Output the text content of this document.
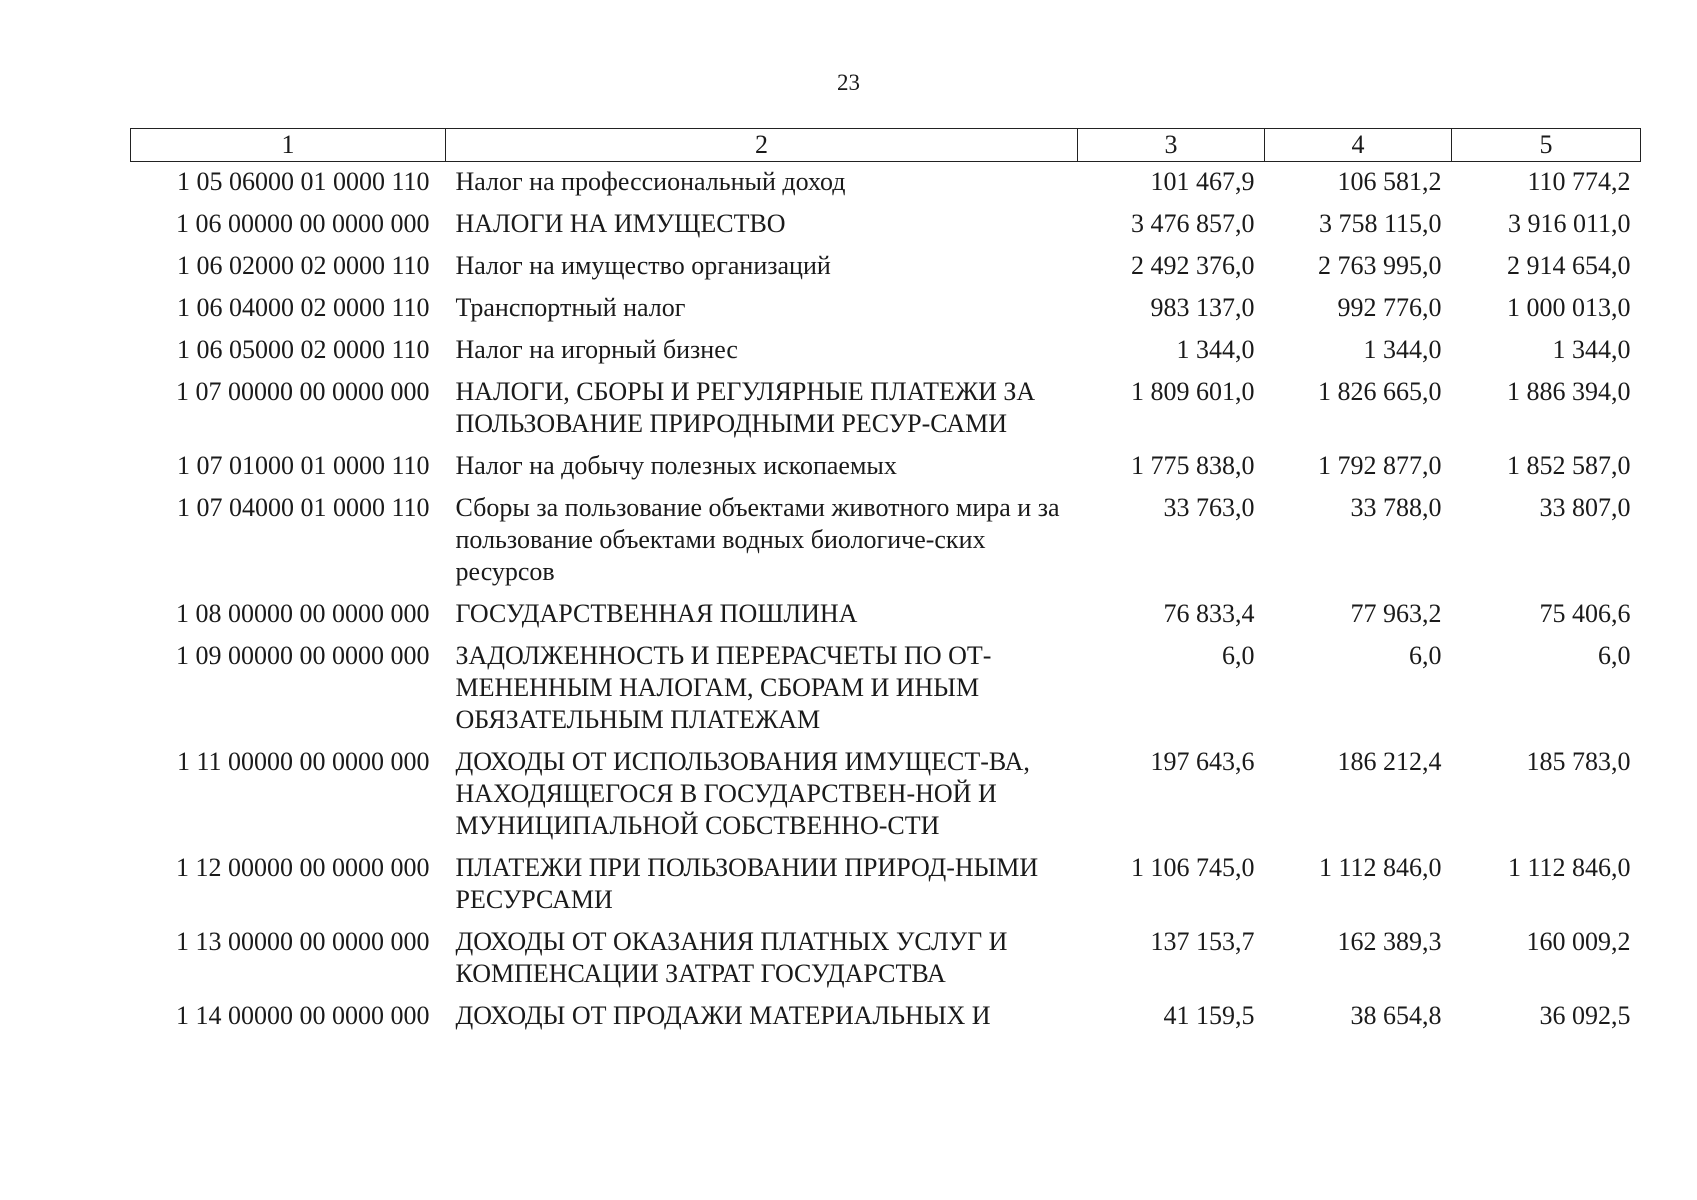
23
1	2	3	4	5
1 05 06000 01 0000 110	Налог на профессиональный доход	101 467,9	106 581,2	110 774,2
1 06 00000 00 0000 000	НАЛОГИ НА ИМУЩЕСТВО	3 476 857,0	3 758 115,0	3 916 011,0
1 06 02000 02 0000 110	Налог на имущество организаций	2 492 376,0	2 763 995,0	2 914 654,0
1 06 04000 02 0000 110	Транспортный налог	983 137,0	992 776,0	1 000 013,0
1 06 05000 02 0000 110	Налог на игорный бизнес	1 344,0	1 344,0	1 344,0
1 07 00000 00 0000 000	НАЛОГИ, СБОРЫ И РЕГУЛЯРНЫЕ ПЛАТЕЖИ ЗА ПОЛЬЗОВАНИЕ ПРИРОДНЫМИ РЕСУР-САМИ	1 809 601,0	1 826 665,0	1 886 394,0
1 07 01000 01 0000 110	Налог на добычу полезных ископаемых	1 775 838,0	1 792 877,0	1 852 587,0
1 07 04000 01 0000 110	Сборы за пользование объектами животного мира и за пользование объектами водных биологиче-ских ресурсов	33 763,0	33 788,0	33 807,0
1 08 00000 00 0000 000	ГОСУДАРСТВЕННАЯ ПОШЛИНА	76 833,4	77 963,2	75 406,6
1 09 00000 00 0000 000	ЗАДОЛЖЕННОСТЬ И ПЕРЕРАСЧЕТЫ ПО ОТ-МЕНЕННЫМ НАЛОГАМ, СБОРАМ И ИНЫМ ОБЯЗАТЕЛЬНЫМ ПЛАТЕЖАМ	6,0	6,0	6,0
1 11 00000 00 0000 000	ДОХОДЫ ОТ ИСПОЛЬЗОВАНИЯ ИМУЩЕСТ-ВА, НАХОДЯЩЕГОСЯ В ГОСУДАРСТВЕН-НОЙ И МУНИЦИПАЛЬНОЙ СОБСТВЕННО-СТИ	197 643,6	186 212,4	185 783,0
1 12 00000 00 0000 000	ПЛАТЕЖИ ПРИ ПОЛЬЗОВАНИИ ПРИРОД-НЫМИ РЕСУРСАМИ	1 106 745,0	1 112 846,0	1 112 846,0
1 13 00000 00 0000 000	ДОХОДЫ ОТ ОКАЗАНИЯ ПЛАТНЫХ УСЛУГ И КОМПЕНСАЦИИ ЗАТРАТ ГОСУДАРСТВА	137 153,7	162 389,3	160 009,2
1 14 00000 00 0000 000	ДОХОДЫ ОТ ПРОДАЖИ МАТЕРИАЛЬНЫХ И	41 159,5	38 654,8	36 092,5
